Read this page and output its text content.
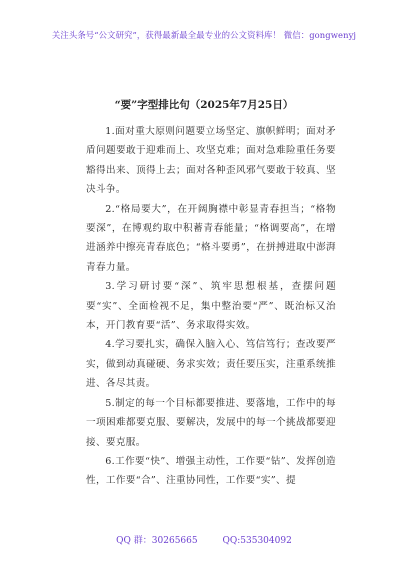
关注头条号“公文研究”，获得最新最全最专业的公文资料库！ 微信：gongwenyj
“要”字型排比句（2025年7月25日）

1.面对重大原则问题要立场坚定、旗帜鲜明；面对矛盾问题要敢于迎难而上、攻坚克难；面对急难险重任务要豁得出来、顶得上去；面对各种歪风邪气要敢于较真、坚决斗争。

2.“格局要大”，在开阔胸襟中彰显青春担当；“格物要深”，在博观约取中积蓄青春能量；“格调要高”，在增进涵养中擦亮青春底色；“格斗要勇”，在拼搏进取中澎湃青春力量。

3.学习研讨要“深”、筑牢思想根基，查摆问题要“实”、全面检视不足，集中整治要“严”、既治标又治本，开门教育要“活”、务求取得实效。

4.学习要扎实，确保入脑入心、笃信笃行；查改要严实，做到动真碰硬、务求实效；责任要压实，注重系统推进、各尽其责。

5.制定的每一个目标都要推进、要落地，工作中的每一项困难都要克服、要解决，发展中的每一个挑战都要迎接、要克服。

6.工作要“快”、增强主动性，工作要“钻”、发挥创造性，工作要“合”、注重协同性，工作要“实”、提

QQ 群：30265665	QQ:535304092
